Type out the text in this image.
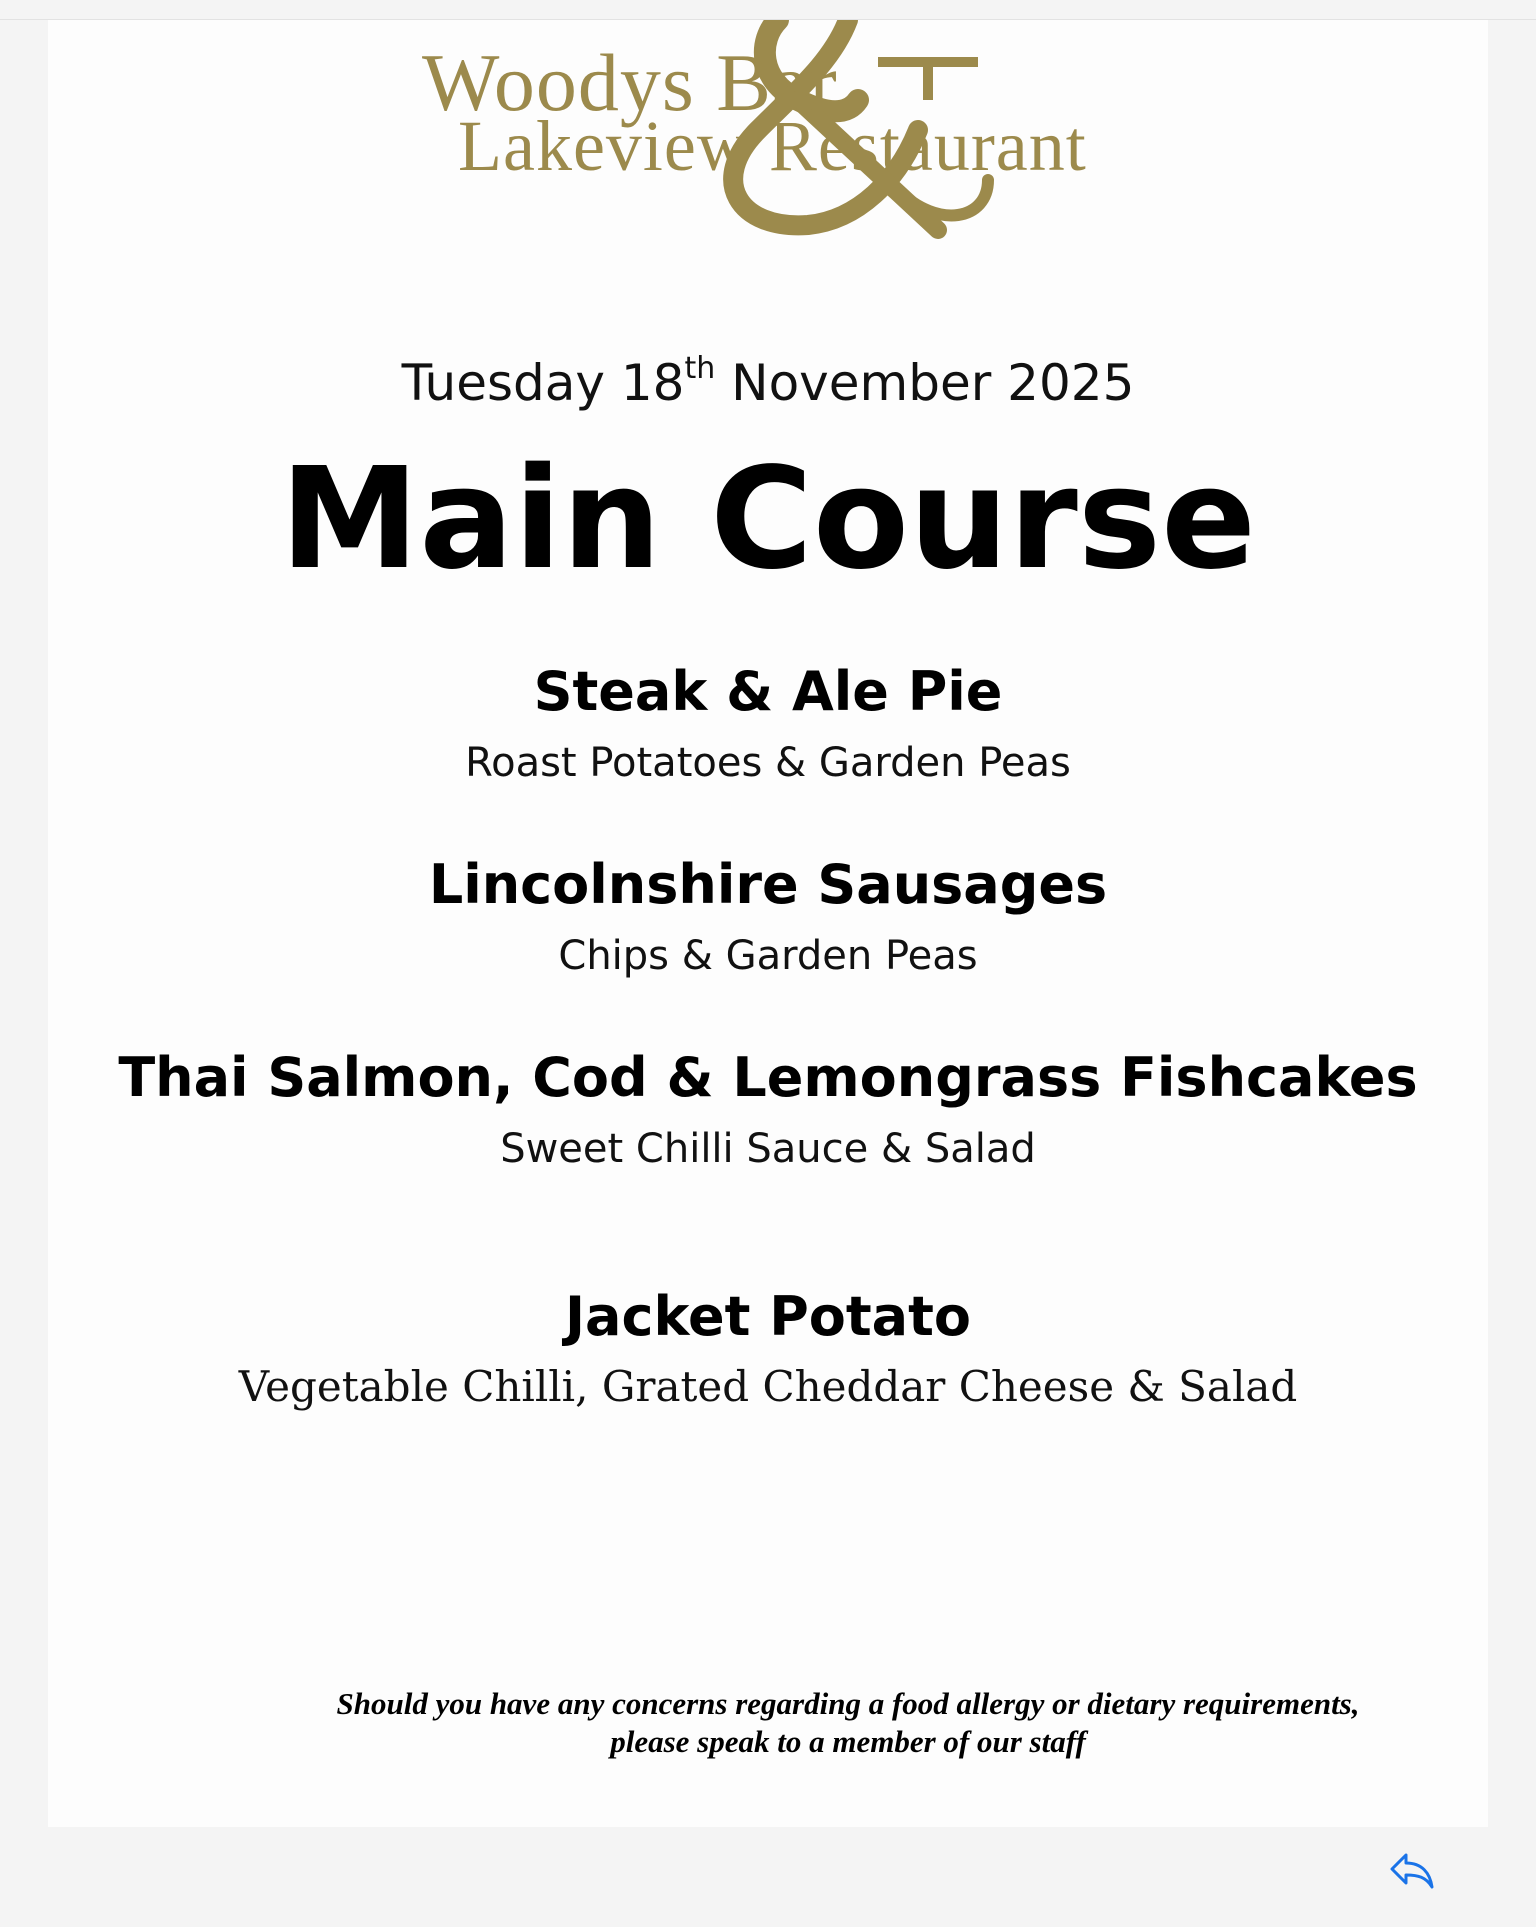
Woodys Bar
Lakeview Restaurant
Tuesday 18th November 2025
Main Course
Steak & Ale Pie
Roast Potatoes & Garden Peas
Lincolnshire Sausages
Chips & Garden Peas
Thai Salmon, Cod & Lemongrass Fishcakes
Sweet Chilli Sauce & Salad
Jacket Potato
Vegetable Chilli, Grated Cheddar Cheese & Salad
Should you have any concerns regarding a food allergy or dietary requirements,
please speak to a member of our staff
